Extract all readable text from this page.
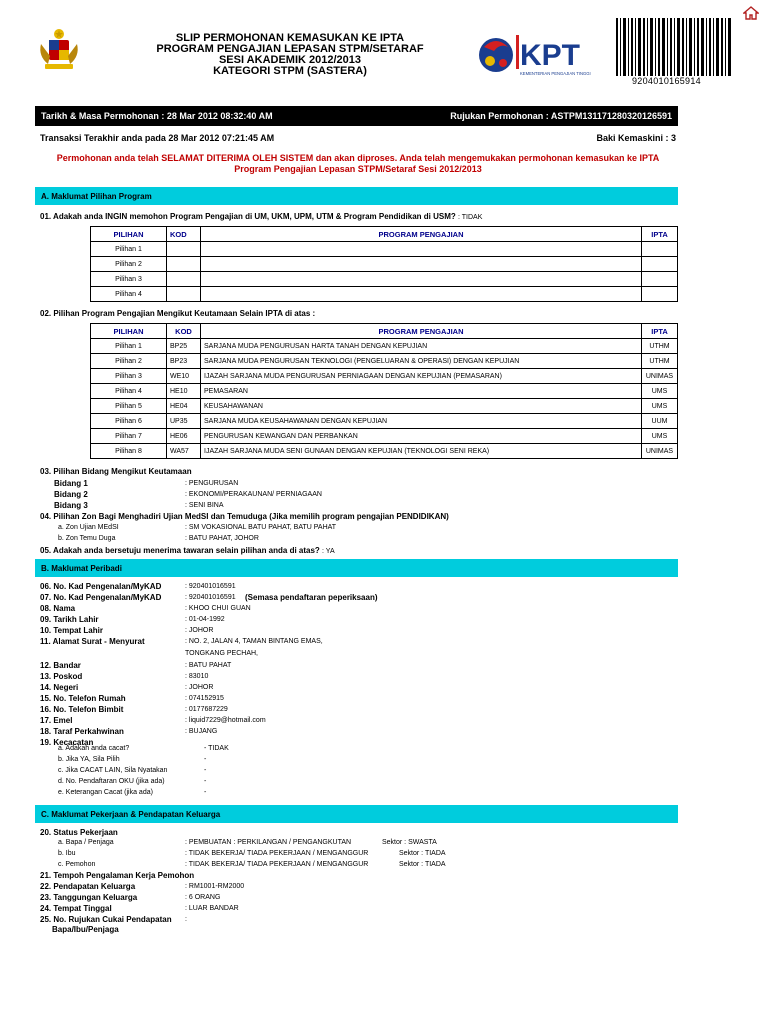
SLIP PERMOHONAN KEMASUKAN KE IPTA
PROGRAM PENGAJIAN LEPASAN STPM/SETARAF
SESI AKADEMIK 2012/2013
KATEGORI STPM (SASTERA)	KPT
KEMENTERIAN PENGAJIAN TINGGI
9204010165914
Tarikh & Masa Permohonan : 28 Mar 2012 08:32:40 AM	Rujukan Permohonan : ASTPM131171280320126591
Transaksi Terakhir anda pada 28 Mar 2012 07:21:45 AM	Baki Kemaskini : 3
Permohonan anda telah SELAMAT DITERIMA OLEH SISTEM dan akan diproses. Anda telah mengemukakan permohonan kemasukan ke IPTA
Program Pengajian Lepasan STPM/Setaraf Sesi 2012/2013
A. Maklumat Pilihan Program
01. Adakah anda INGIN memohon Program Pengajian di UM, UKM, UPM, UTM & Program Pendidikan di USM? : TIDAK
PILIHAN	KOD	PROGRAM PENGAJIAN	IPTA
Pilihan 1			
Pilihan 2			
Pilihan 3			
Pilihan 4			
02. Pilihan Program Pengajian Mengikut Keutamaan Selain IPTA di atas :
PILIHAN	KOD	PROGRAM PENGAJIAN	IPTA
Pilihan 1	BP25	SARJANA MUDA PENGURUSAN HARTA TANAH DENGAN KEPUJIAN	UTHM
Pilihan 2	BP23	SARJANA MUDA PENGURUSAN TEKNOLOGI (PENGELUARAN & OPERASI) DENGAN KEPUJIAN	UTHM
Pilihan 3	WE10	IJAZAH SARJANA MUDA PENGURUSAN PERNIAGAAN DENGAN KEPUJIAN (PEMASARAN)	UNIMAS
Pilihan 4	HE10	PEMASARAN	UMS
Pilihan 5	HE04	KEUSAHAWANAN	UMS
Pilihan 6	UP35	SARJANA MUDA KEUSAHAWANAN DENGAN KEPUJIAN	UUM
Pilihan 7	HE06	PENGURUSAN KEWANGAN DAN PERBANKAN	UMS
Pilihan 8	WA57	IJAZAH SARJANA MUDA SENI GUNAAN DENGAN KEPUJIAN (TEKNOLOGI SENI REKA)	UNIMAS
03. Pilihan Bidang Mengikut Keutamaan
Bidang 1	: PENGURUSAN
Bidang 2	: EKONOMI/PERAKAUNAN/ PERNIAGAAN
Bidang 3	: SENI BINA
04. Pilihan Zon Bagi Menghadiri Ujian MedSI dan Temuduga (Jika memilih program pengajian PENDIDIKAN)
a. Zon Ujian MEdSI	: SM VOKASIONAL BATU PAHAT, BATU PAHAT
b. Zon Temu Duga	: BATU PAHAT, JOHOR
05. Adakah anda bersetuju menerima tawaran selain pilihan anda di atas? : YA
B. Maklumat Peribadi
06. No. Kad Pengenalan/MyKAD	: 920401016591
07. No. Kad Pengenalan/MyKAD	: 920401016591 (Semasa pendaftaran peperiksaan)
08. Nama	: KHOO CHUI GUAN
09. Tarikh Lahir	: 01-04-1992
10. Tempat Lahir	: JOHOR
11. Alamat Surat - Menyurat	: NO. 2, JALAN 4, TAMAN BINTANG EMAS,
TONGKANG PECHAH,
12. Bandar	: BATU PAHAT
13. Poskod	: 83010
14. Negeri	: JOHOR
15. No. Telefon Rumah	: 074152915
16. No. Telefon Bimbit	: 0177687229
17. Emel	: liquid7229@hotmail.com
18. Taraf Perkahwinan	: BUJANG
19. Kecacatan
a. Adakah anda cacat?	- TIDAK
b. Jika YA, Sila Pilih	-
c. Jika CACAT LAIN, Sila Nyatakan	-
d. No. Pendaftaran OKU (jika ada)	-
e. Keterangan Cacat (jika ada)	-
C. Maklumat Pekerjaan & Pendapatan Keluarga
20. Status Pekerjaan
a. Bapa / Penjaga	: PEMBUATAN : PERKILANGAN / PENGANGKUTAN	Sektor : SWASTA
b. Ibu	: TIDAK BEKERJA/ TIADA PEKERJAAN / MENGANGGUR	Sektor : TIADA
c. Pemohon	: TIDAK BEKERJA/ TIADA PEKERJAAN / MENGANGGUR	Sektor : TIADA
21. Tempoh Pengalaman Kerja Pemohon
22. Pendapatan Keluarga	: RM1001-RM2000
23. Tanggungan Keluarga	: 6 ORANG
24. Tempat Tinggal	: LUAR BANDAR
25. No. Rujukan Cukai Pendapatan :
Bapa/Ibu/Penjaga
